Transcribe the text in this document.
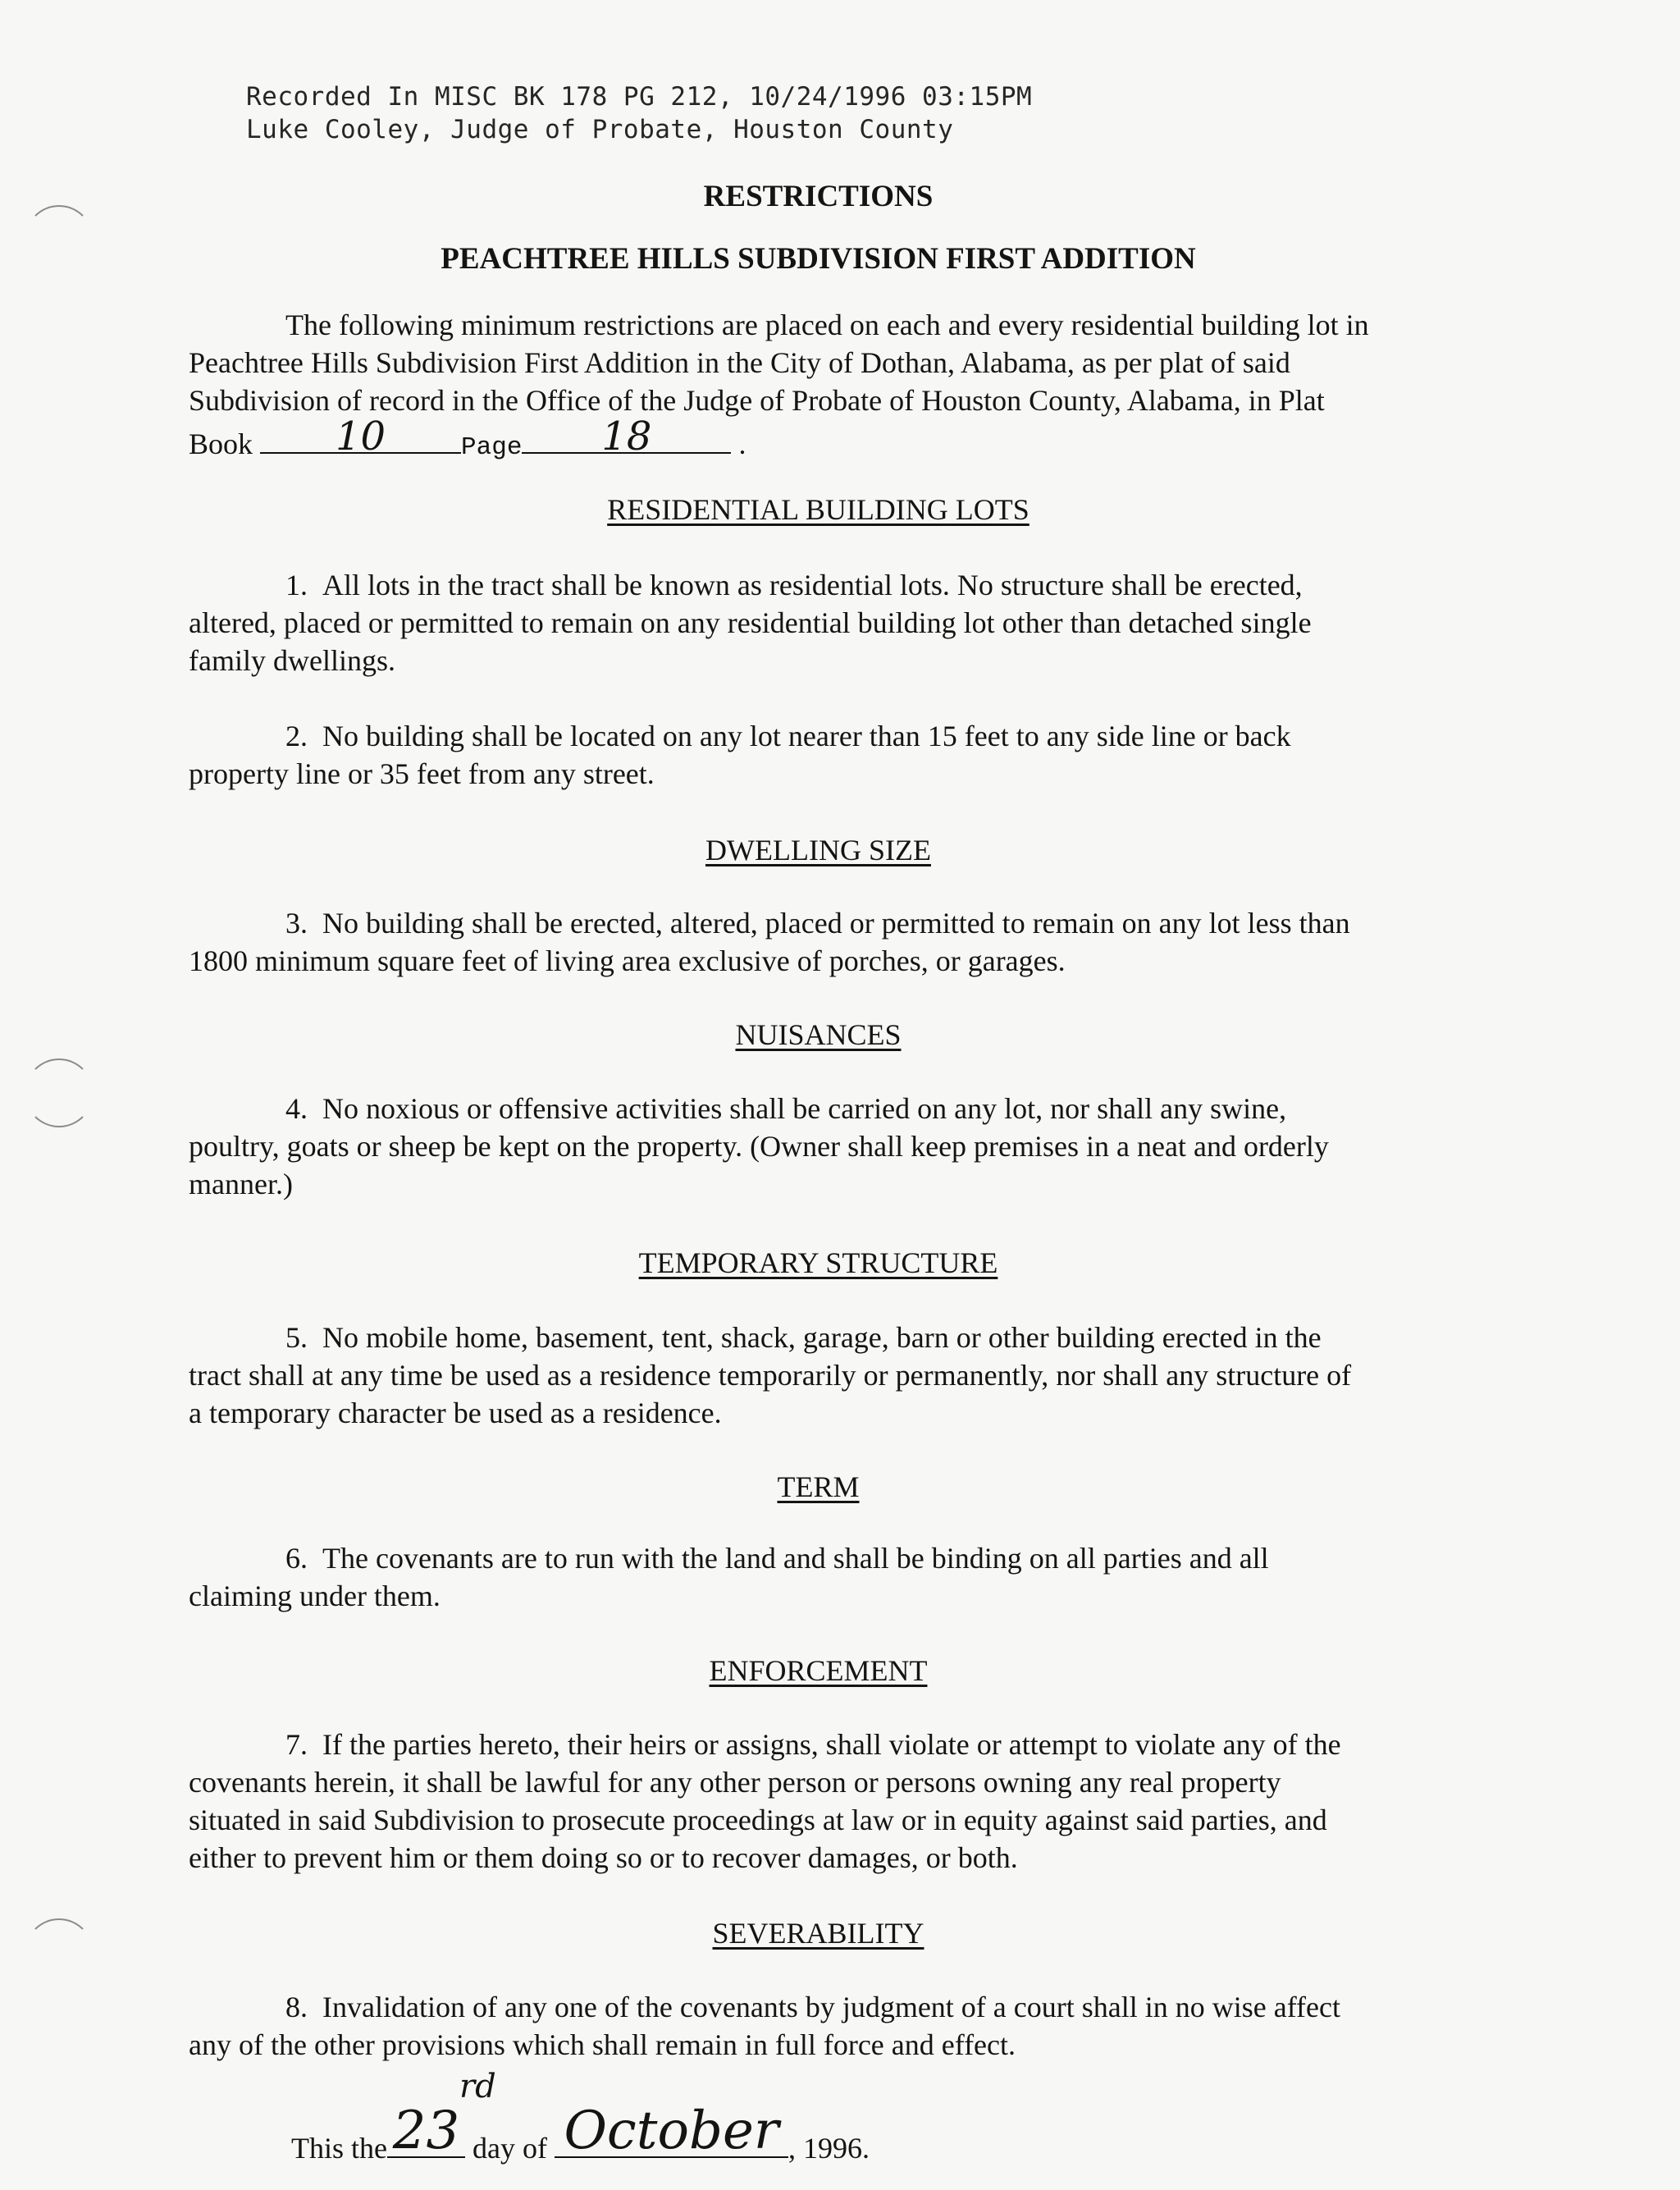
Recorded In MISC BK 178 PG 212, 10/24/1996 03:15PM
Luke Cooley, Judge of Probate, Houston County
RESTRICTIONS
PEACHTREE HILLS SUBDIVISION FIRST ADDITION
The following minimum restrictions are placed on each and every residential building lot in
Peachtree Hills Subdivision First Addition in the City of Dothan, Alabama, as per plat of said
Subdivision of record in the Office of the Judge of Probate of Houston County, Alabama, in Plat
Book	10	Page	18	.
RESIDENTIAL BUILDING LOTS
1. All lots in the tract shall be known as residential lots. No structure shall be erected,
altered, placed or permitted to remain on any residential building lot other than detached single
family dwellings.
2. No building shall be located on any lot nearer than 15 feet to any side line or back
property line or 35 feet from any street.
DWELLING SIZE
3. No building shall be erected, altered, placed or permitted to remain on any lot less than
1800 minimum square feet of living area exclusive of porches, or garages.
NUISANCES
4. No noxious or offensive activities shall be carried on any lot, nor shall any swine,
poultry, goats or sheep be kept on the property. (Owner shall keep premises in a neat and orderly
manner.)
TEMPORARY STRUCTURE
5. No mobile home, basement, tent, shack, garage, barn or other building erected in the
tract shall at any time be used as a residence temporarily or permanently, nor shall any structure of
a temporary character be used as a residence.
TERM
6. The covenants are to run with the land and shall be binding on all parties and all
claiming under them.
ENFORCEMENT
7. If the parties hereto, their heirs or assigns, shall violate or attempt to violate any of the
covenants herein, it shall be lawful for any other person or persons owning any real property
situated in said Subdivision to prosecute proceedings at law or in equity against said parties, and
either to prevent him or them doing so or to recover damages, or both.
SEVERABILITY
8. Invalidation of any one of the covenants by judgment of a court shall in no wise affect
any of the other provisions which shall remain in full force and effect.
This the 23
rd
day of October , 1996.
